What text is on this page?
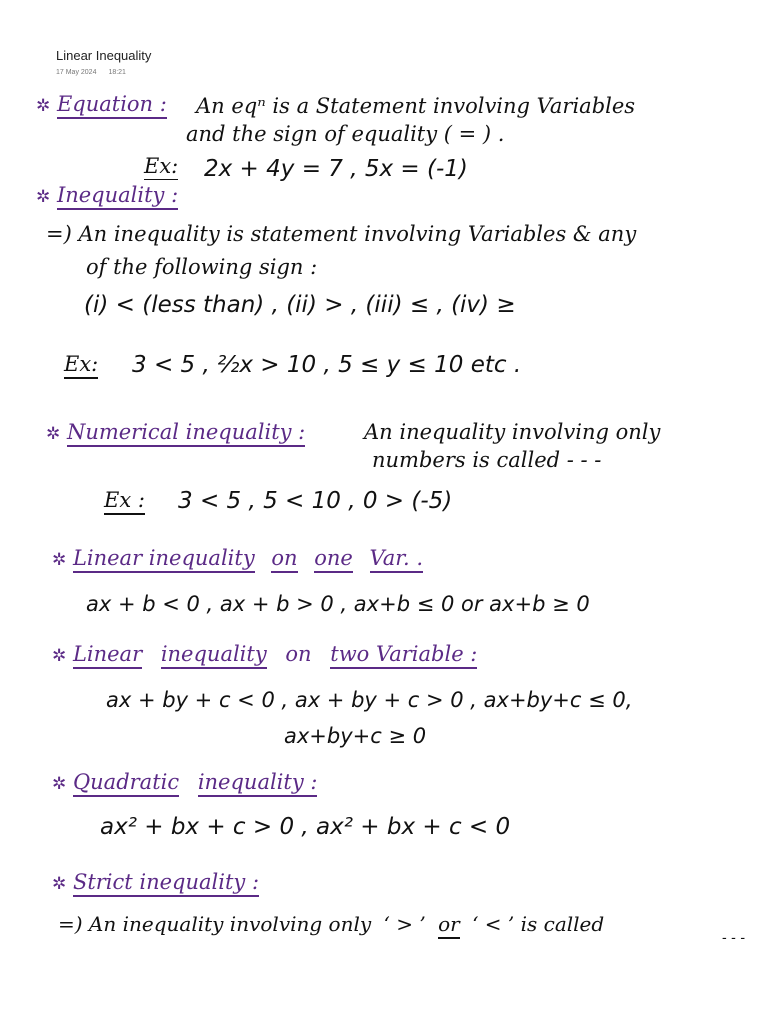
Linear Inequality
17 May 2024 18:21
✲ Equation : An eqⁿ is a Statement involving Variables
and the sign of equality ( = ) .
Ex: 2x + 4y = 7 , 5x = (-1)
✲ Inequality :
=) An inequality is statement involving Variables & any
of the following sign :
(i) < (less than) , (ii) > , (iii) ≤ , (iv) ≥
Ex: 3 < 5 , ²⁄₂x > 10 , 5 ≤ y ≤ 10 etc .
✲ Numerical inequality :	An inequality involving only
numbers is called - - -
Ex : 3 < 5 , 5 < 10 , 0 > (-5)
✲ Linear inequality on one Var. .
ax + b < 0 , ax + b > 0 , ax+b ≤ 0 or ax+b ≥ 0
✲ Linear inequality on two Variable :
ax + by + c < 0 , ax + by + c > 0 , ax+by+c ≤ 0,
ax+by+c ≥ 0
✲ Quadratic inequality :
ax² + bx + c > 0 , ax² + bx + c < 0
✲ Strict inequality :
=) An inequality involving only ‘ > ’ or ‘ < ’ is called
- - -
